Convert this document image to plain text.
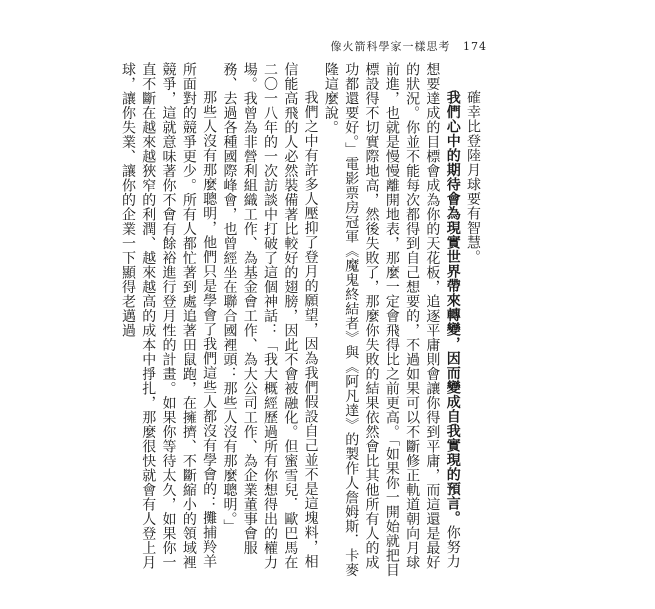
像火箭科學家一樣思考 174

確幸比登陸月球要有智慧。

我們心中的期待會為現實世界帶來轉變，因而變成自我實現的預言。你努力想要達成的目標會成為你的天花板，追逐平庸則會讓你得到平庸，而這還是最好的狀況。你並不能每次都得到自己想要的，不過如果可以不斷修正軌道朝向月球前進，也就是慢慢離開地表，那麼一定會飛得比之前更高。「如果你一開始就把目標設得不切實際地高，然後失敗了，那麼你失敗的結果依然會比其他所有人的成功都還要好。」電影票房冠軍《魔鬼終結者》與《阿凡達》的製作人詹姆斯．卡麥隆這麼說。

我們之中有許多人壓抑了登月的願望，因為我們假設自己並不是這塊料，相信能高飛的人必然裝備著比較好的翅膀，因此不會被融化。但蜜雪兒．歐巴馬在二〇一八年的一次訪談中打破了這個神話：「我大概經歷過所有你想得出的權力場。我曾為非營利組織工作、為基金會工作、為大公司工作、為企業董事會服務、去過各種國際峰會，也曾經坐在聯合國裡頭：那些人沒有那麼聰明。」

那些人沒有那麼聰明，他們只是學會了我們這些人都沒有學會的：攤捕羚羊所面對的競爭更少。所有人都忙著到處追著田鼠跑，在擁擠、不斷縮小的領域裡競爭，這就意味著你不會有餘裕進行登月性的計畫。如果你等待太久，如果你一直不斷在越來越狹窄的利潤、越來越高的成本中掙扎，那麼很快就會有人登上月球，讓你失業、讓你的企業一下顯得老邁過
